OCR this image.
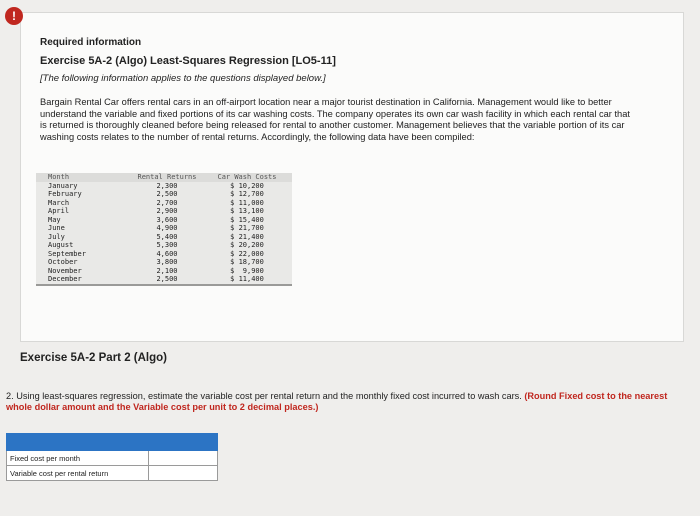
!
Required information
Exercise 5A-2 (Algo) Least-Squares Regression [LO5-11]
[The following information applies to the questions displayed below.]
Bargain Rental Car offers rental cars in an off-airport location near a major tourist destination in California. Management would like to better understand the variable and fixed portions of its car washing costs. The company operates its own car wash facility in which each rental car that is returned is thoroughly cleaned before being released for rental to another customer. Management believes that the variable portion of its car washing costs relates to the number of rental returns. Accordingly, the following data have been compiled:
Month	Rental Returns	Car Wash Costs
January	2,300	$ 10,200
February	2,500	$ 12,700
March	2,700	$ 11,000
April	2,900	$ 13,100
May	3,600	$ 15,400
June	4,900	$ 21,700
July	5,400	$ 21,400
August	5,300	$ 20,200
September	4,600	$ 22,000
October	3,800	$ 18,700
November	2,100	$  9,900
December	2,500	$ 11,400
Exercise 5A-2 Part 2 (Algo)
2. Using least-squares regression, estimate the variable cost per rental return and the monthly fixed cost incurred to wash cars. (Round Fixed cost to the nearest whole dollar amount and the Variable cost per unit to 2 decimal places.)

Fixed cost per month	
Variable cost per rental return	
